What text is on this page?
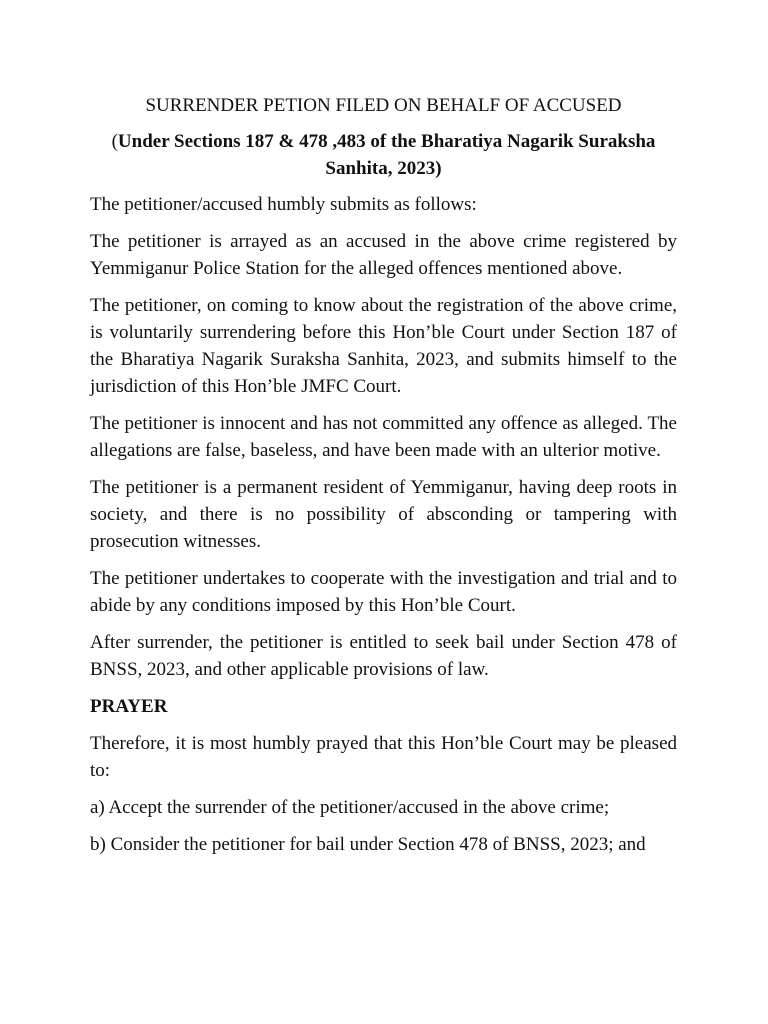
SURRENDER PETION FILED ON BEHALF OF ACCUSED
(Under Sections 187 & 478 ,483 of the Bharatiya Nagarik Suraksha Sanhita, 2023)

The petitioner/accused humbly submits as follows:

The petitioner is arrayed as an accused in the above crime registered by Yemmiganur Police Station for the alleged offences mentioned above.

The petitioner, on coming to know about the registration of the above crime, is voluntarily surrendering before this Hon’ble Court under Section 187 of the Bharatiya Nagarik Suraksha Sanhita, 2023, and submits himself to the jurisdiction of this Hon’ble JMFC Court.

The petitioner is innocent and has not committed any offence as alleged. The allegations are false, baseless, and have been made with an ulterior motive.

The petitioner is a permanent resident of Yemmiganur, having deep roots in society, and there is no possibility of absconding or tampering with prosecution witnesses.

The petitioner undertakes to cooperate with the investigation and trial and to abide by any conditions imposed by this Hon’ble Court.

After surrender, the petitioner is entitled to seek bail under Section 478 of BNSS, 2023, and other applicable provisions of law.

PRAYER

Therefore, it is most humbly prayed that this Hon’ble Court may be pleased to:

a) Accept the surrender of the petitioner/accused in the above crime;
b) Consider the petitioner for bail under Section 478 of BNSS, 2023; and
